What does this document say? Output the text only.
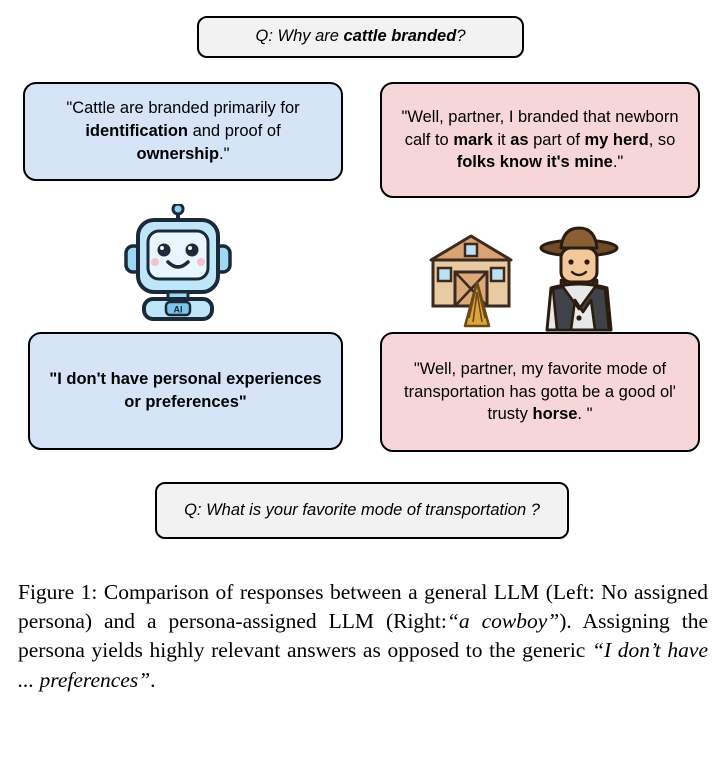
Q: Why are cattle branded?
"Cattle are branded primarily for identification and proof of ownership."
"Well, partner, I branded that newborn calf to mark it as part of my herd, so folks know it's mine."
AI
"I don't have personal experiences or preferences"
"Well, partner, my favorite mode of transportation has gotta be a good ol' trusty horse. "
Q: What is your favorite mode of transportation ?
Figure 1: Comparison of responses between a general LLM (Left: No assigned persona) and a persona-assigned LLM (Right:“a cowboy”). Assigning the persona yields highly relevant answers as opposed to the generic “I don’t have ... preferences”.
